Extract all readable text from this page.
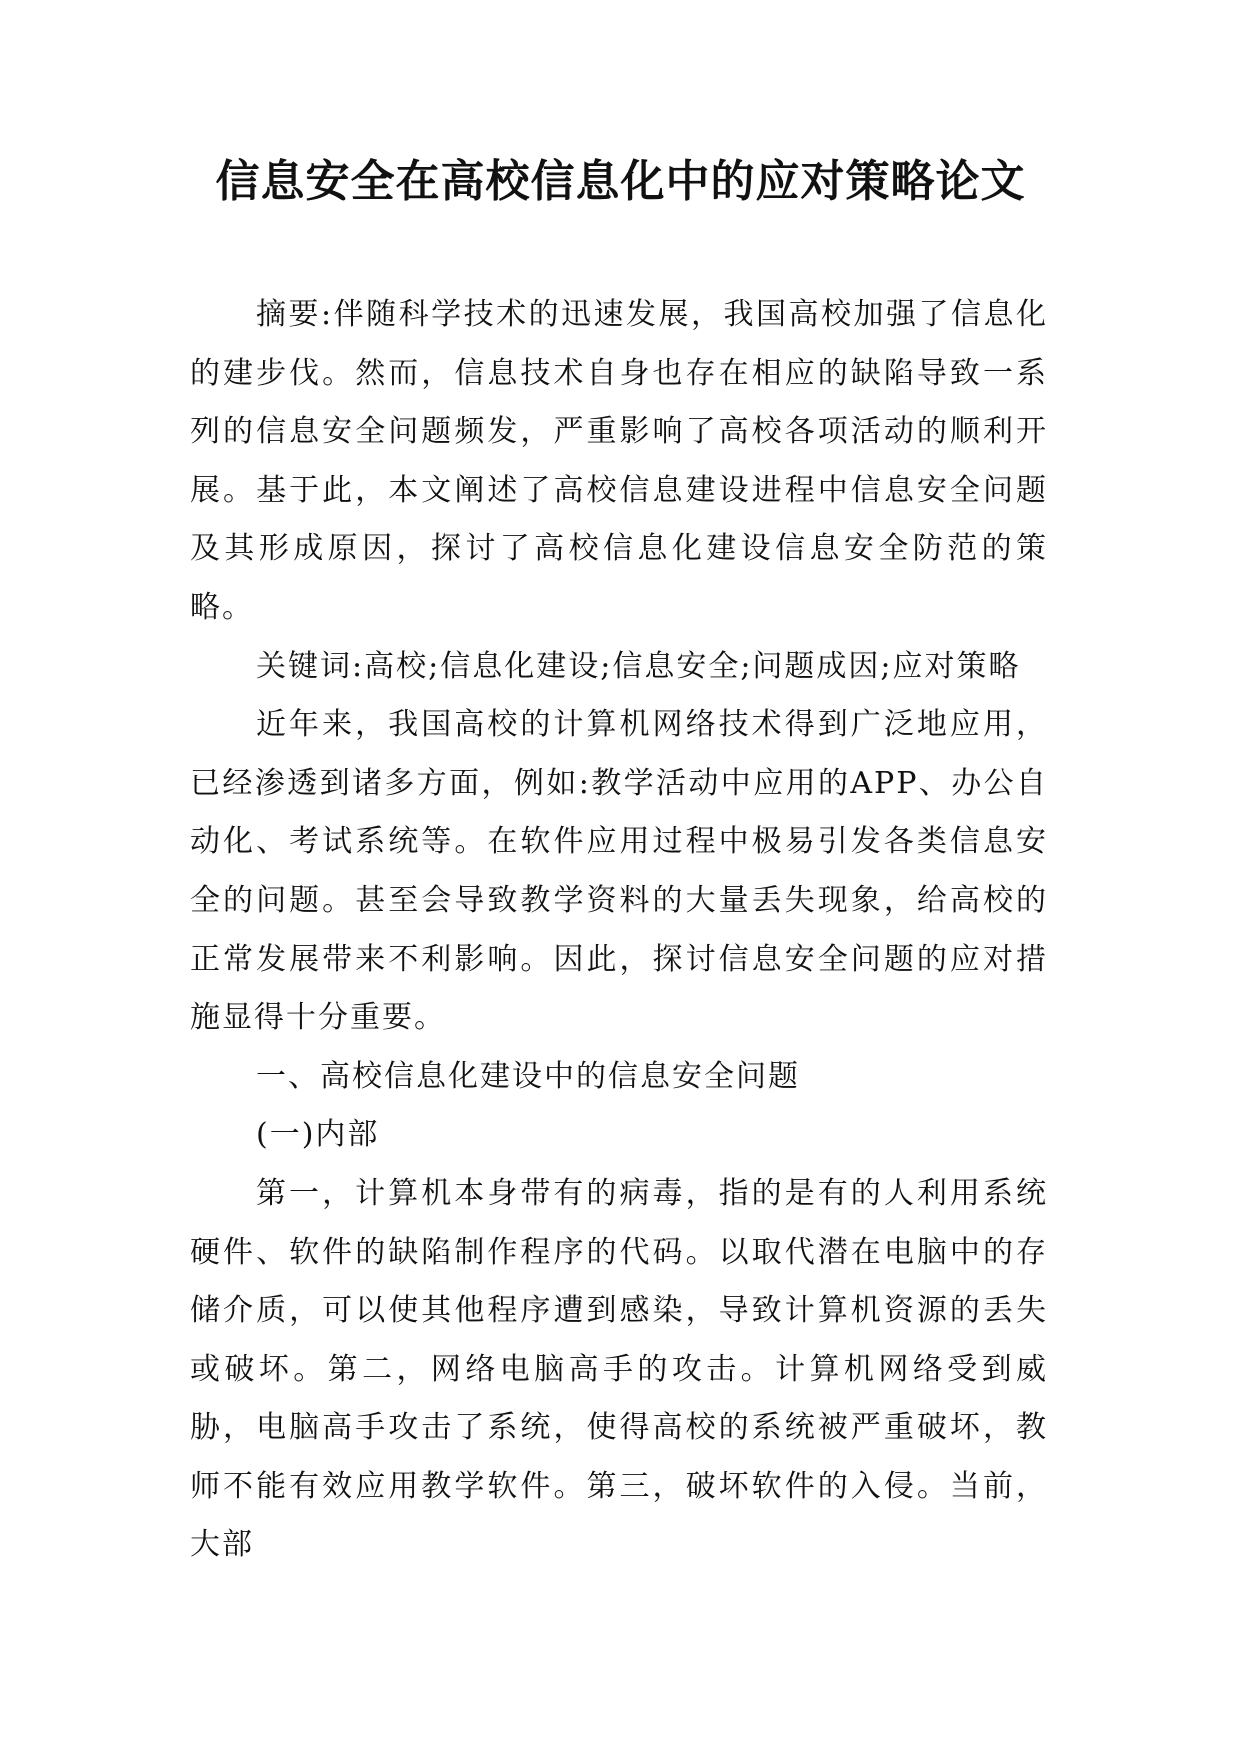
信息安全在高校信息化中的应对策略论文

摘要:伴随科学技术的迅速发展，我国高校加强了信息化的建步伐。然而，信息技术自身也存在相应的缺陷导致一系列的信息安全问题频发，严重影响了高校各项活动的顺利开展。基于此，本文阐述了高校信息建设进程中信息安全问题及其形成原因，探讨了高校信息化建设信息安全防范的策略。

关键词:高校;信息化建设;信息安全;问题成因;应对策略

近年来，我国高校的计算机网络技术得到广泛地应用，已经渗透到诸多方面，例如:教学活动中应用的APP、办公自动化、考试系统等。在软件应用过程中极易引发各类信息安全的问题。甚至会导致教学资料的大量丢失现象，给高校的正常发展带来不利影响。因此，探讨信息安全问题的应对措施显得十分重要。

一、高校信息化建设中的信息安全问题

(一)内部

第一，计算机本身带有的病毒，指的是有的人利用系统硬件、软件的缺陷制作程序的代码。以取代潜在电脑中的存储介质，可以使其他程序遭到感染，导致计算机资源的丢失或破坏。第二，网络电脑高手的攻击。计算机网络受到威胁，电脑高手攻击了系统，使得高校的系统被严重破坏，教师不能有效应用教学软件。第三，破坏软件的入侵。当前，大部
